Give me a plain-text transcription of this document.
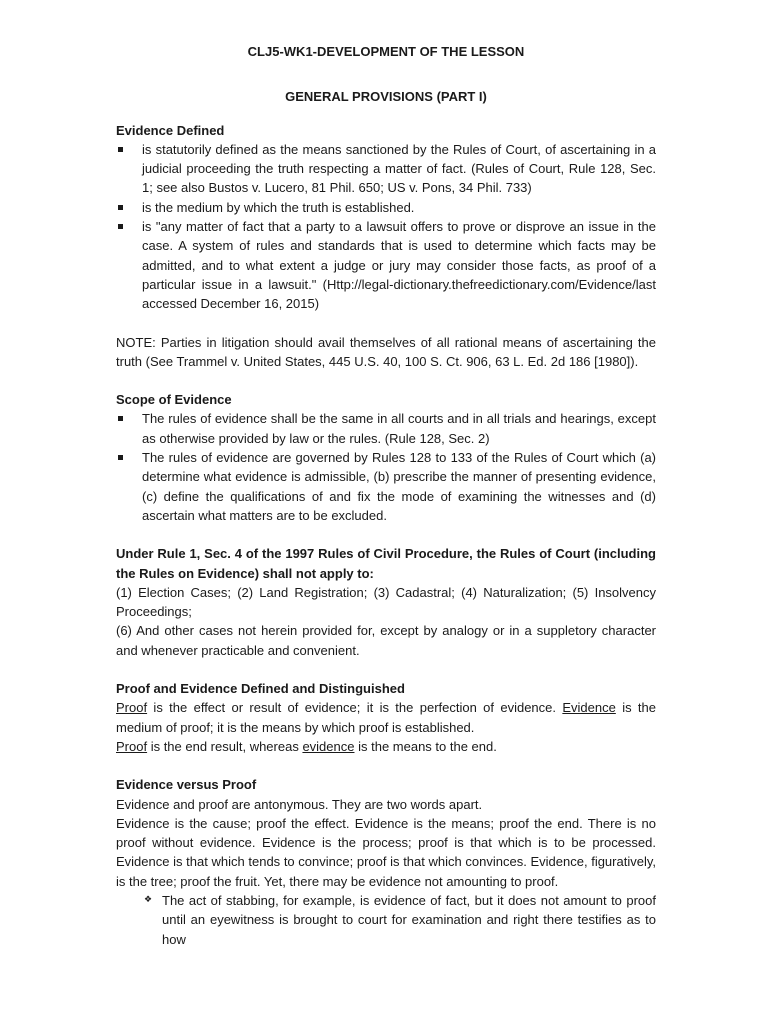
CLJ5-WK1-DEVELOPMENT OF THE LESSON

GENERAL PROVISIONS (PART I)

Evidence Defined

is statutorily defined as the means sanctioned by the Rules of Court, of ascertaining in a judicial proceeding the truth respecting a matter of fact. (Rules of Court, Rule 128, Sec. 1; see also Bustos v. Lucero, 81 Phil. 650; US v. Pons, 34 Phil. 733)
is the medium by which the truth is established.
is "any matter of fact that a party to a lawsuit offers to prove or disprove an issue in the case. A system of rules and standards that is used to determine which facts may be admitted, and to what extent a judge or jury may consider those facts, as proof of a particular issue in a lawsuit." (Http://legal-dictionary.thefreedictionary.com/Evidence/last accessed December 16, 2015)

NOTE: Parties in litigation should avail themselves of all rational means of ascertaining the truth (See Trammel v. United States, 445 U.S. 40, 100 S. Ct. 906, 63 L. Ed. 2d 186 [1980]).

Scope of Evidence

The rules of evidence shall be the same in all courts and in all trials and hearings, except as otherwise provided by law or the rules. (Rule 128, Sec. 2)
The rules of evidence are governed by Rules 128 to 133 of the Rules of Court which (a) determine what evidence is admissible, (b) prescribe the manner of presenting evidence, (c) define the qualifications of and fix the mode of examining the witnesses and (d) ascertain what matters are to be excluded.

Under Rule 1, Sec. 4 of the 1997 Rules of Civil Procedure, the Rules of Court (including the Rules on Evidence) shall not apply to:

(1) Election Cases; (2) Land Registration; (3) Cadastral; (4) Naturalization; (5) Insolvency Proceedings;

(6) And other cases not herein provided for, except by analogy or in a suppletory character and whenever practicable and convenient.

Proof and Evidence Defined and Distinguished

Proof is the effect or result of evidence; it is the perfection of evidence. Evidence is the medium of proof; it is the means by which proof is established.

Proof is the end result, whereas evidence is the means to the end.

Evidence versus Proof

Evidence and proof are antonymous. They are two words apart.

Evidence is the cause; proof the effect. Evidence is the means; proof the end. There is no proof without evidence. Evidence is the process; proof is that which is to be processed. Evidence is that which tends to convince; proof is that which convinces. Evidence, figuratively, is the tree; proof the fruit. Yet, there may be evidence not amounting to proof.

❖ The act of stabbing, for example, is evidence of fact, but it does not amount to proof until an eyewitness is brought to court for examination and right there testifies as to how
